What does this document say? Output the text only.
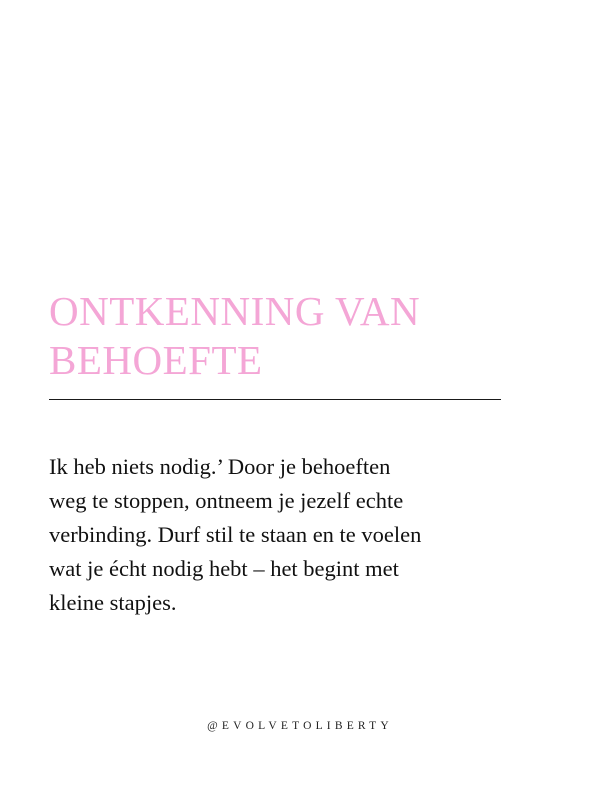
ONTKENNING VAN
BEHOEFTE

Ik heb niets nodig.’ Door je behoeften
weg te stoppen, ontneem je jezelf echte
verbinding. Durf stil te staan en te voelen
wat je écht nodig hebt – het begint met
kleine stapjes.

@EVOLVETOLIBERTY
